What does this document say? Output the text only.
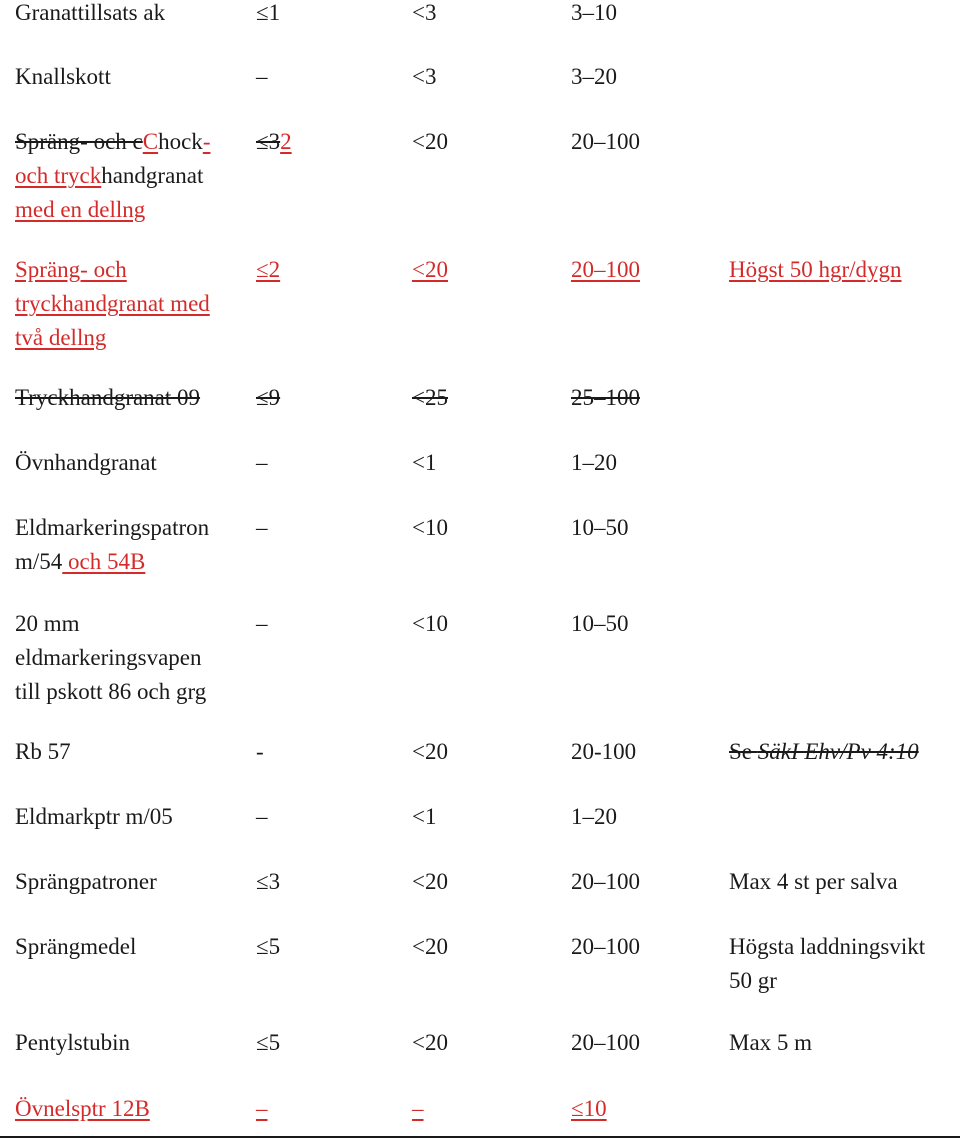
Granattillsats ak	≤1	<3	3–10
Knallskott	–	<3	3–20
Spräng- och cChock-
och tryckhandgranat
med en dellng
≤32	<20	20–100
Spräng- och
tryckhandgranat med
två dellng
≤2	<20	20–100	Högst 50 hgr/dygn
Tryckhandgranat 09 ≤9	<25	25–100
Övnhandgranat	–	<1	1–20
Eldmarkeringspatron
m/54 och 54B
–	<10	10–50
20 mm
eldmarkeringsvapen
till pskott 86 och grg
–	<10	10–50
Rb 57	-	<20	20-100	Se SäkI Ehv/Pv 4:10
Eldmarkptr m/05	–	<1	1–20
Sprängpatroner	≤3	<20	20–100	Max 4 st per salva
Sprängmedel	≤5	<20	20–100	Högsta laddningsvikt
50 gr
Pentylstubin	≤5	<20	20–100	Max 5 m
Övnelsptr 12B	–	–	≤10
